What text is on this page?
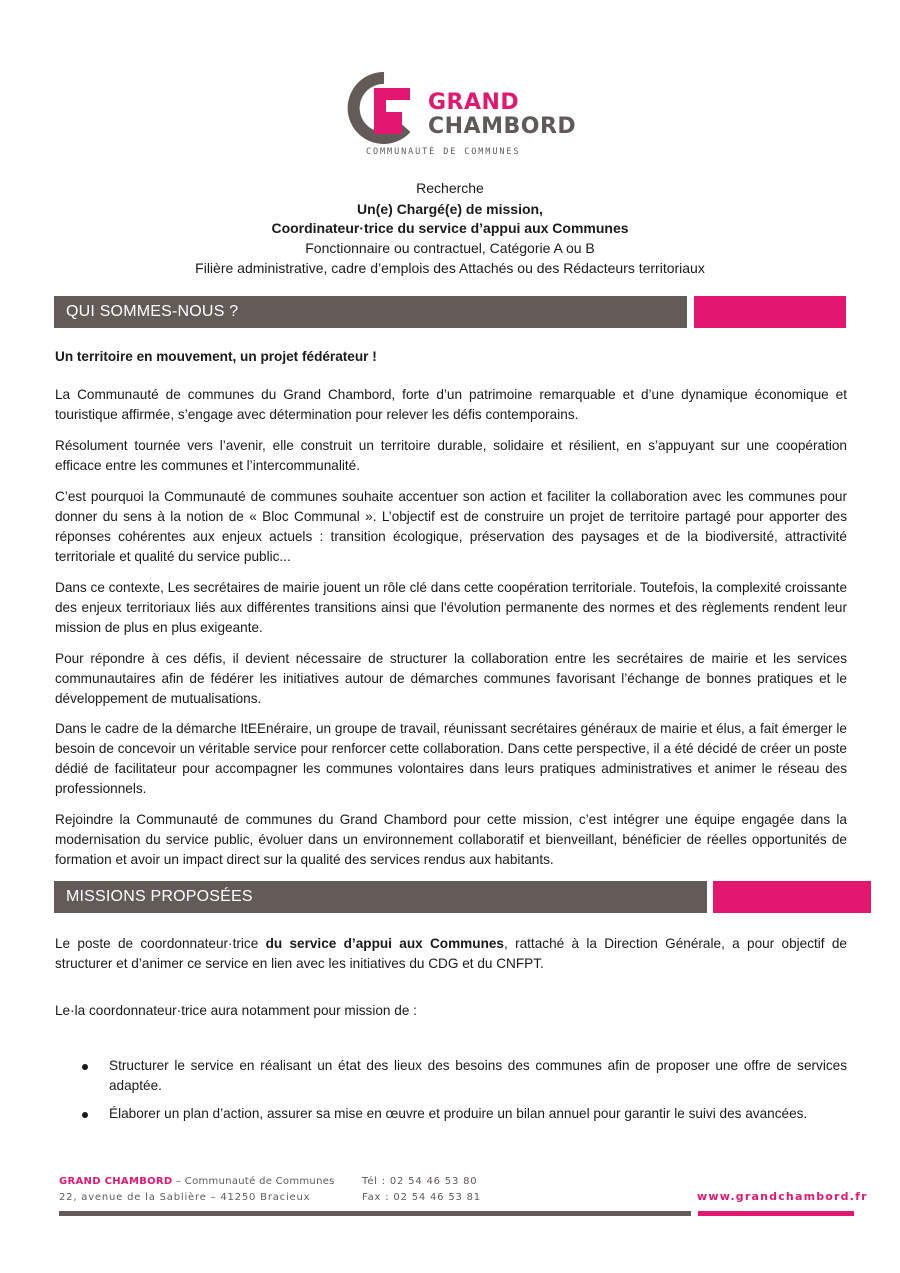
GRAND
CHAMBORD
COMMUNAUTÉ DE COMMUNES
Recherche
Un(e) Chargé(e) de mission,
Coordinateur·trice du service d’appui aux Communes
Fonctionnaire ou contractuel, Catégorie A ou B
Filière administrative, cadre d’emplois des Attachés ou des Rédacteurs territoriaux
QUI SOMMES-NOUS ?
Un territoire en mouvement, un projet fédérateur !
La Communauté de communes du Grand Chambord, forte d’un patrimoine remarquable et d’une dynamique économique et touristique affirmée, s’engage avec détermination pour relever les défis contemporains.
Résolument tournée vers l’avenir, elle construit un territoire durable, solidaire et résilient, en s’appuyant sur une coopération efficace entre les communes et l’intercommunalité.
C’est pourquoi la Communauté de communes souhaite accentuer son action et faciliter la collaboration avec les communes pour donner du sens à la notion de « Bloc Communal ». L’objectif est de construire un projet de territoire partagé pour apporter des réponses cohérentes aux enjeux actuels : transition écologique, préservation des paysages et de la biodiversité, attractivité territoriale et qualité du service public...
Dans ce contexte, Les secrétaires de mairie jouent un rôle clé dans cette coopération territoriale. Toutefois, la complexité croissante des enjeux territoriaux liés aux différentes transitions ainsi que l'évolution permanente des normes et des règlements rendent leur mission de plus en plus exigeante.
Pour répondre à ces défis, il devient nécessaire de structurer la collaboration entre les secrétaires de mairie et les services communautaires afin de fédérer les initiatives autour de démarches communes favorisant l’échange de bonnes pratiques et le développement de mutualisations.
Dans le cadre de la démarche ItEEnéraire, un groupe de travail, réunissant secrétaires généraux de mairie et élus, a fait émerger le besoin de concevoir un véritable service pour renforcer cette collaboration. Dans cette perspective, il a été décidé de créer un poste dédié de facilitateur pour accompagner les communes volontaires dans leurs pratiques administratives et animer le réseau des professionnels.
Rejoindre la Communauté de communes du Grand Chambord pour cette mission, c’est intégrer une équipe engagée dans la modernisation du service public, évoluer dans un environnement collaboratif et bienveillant, bénéficier de réelles opportunités de formation et avoir un impact direct sur la qualité des services rendus aux habitants.
MISSIONS PROPOSÉES
Le poste de coordonnateur·trice du service d’appui aux Communes, rattaché à la Direction Générale, a pour objectif de structurer et d’animer ce service en lien avec les initiatives du CDG et du CNFPT.
Le·la coordonnateur·trice aura notamment pour mission de :
Structurer le service en réalisant un état des lieux des besoins des communes afin de proposer une offre de services adaptée.
Élaborer un plan d’action, assurer sa mise en œuvre et produire un bilan annuel pour garantir le suivi des avancées.
GRAND CHAMBORD – Communauté de Communes
22, avenue de la Sablière – 41250 Bracieux
Tél : 02 54 46 53 80
Fax : 02 54 46 53 81	www.grandchambord.fr
